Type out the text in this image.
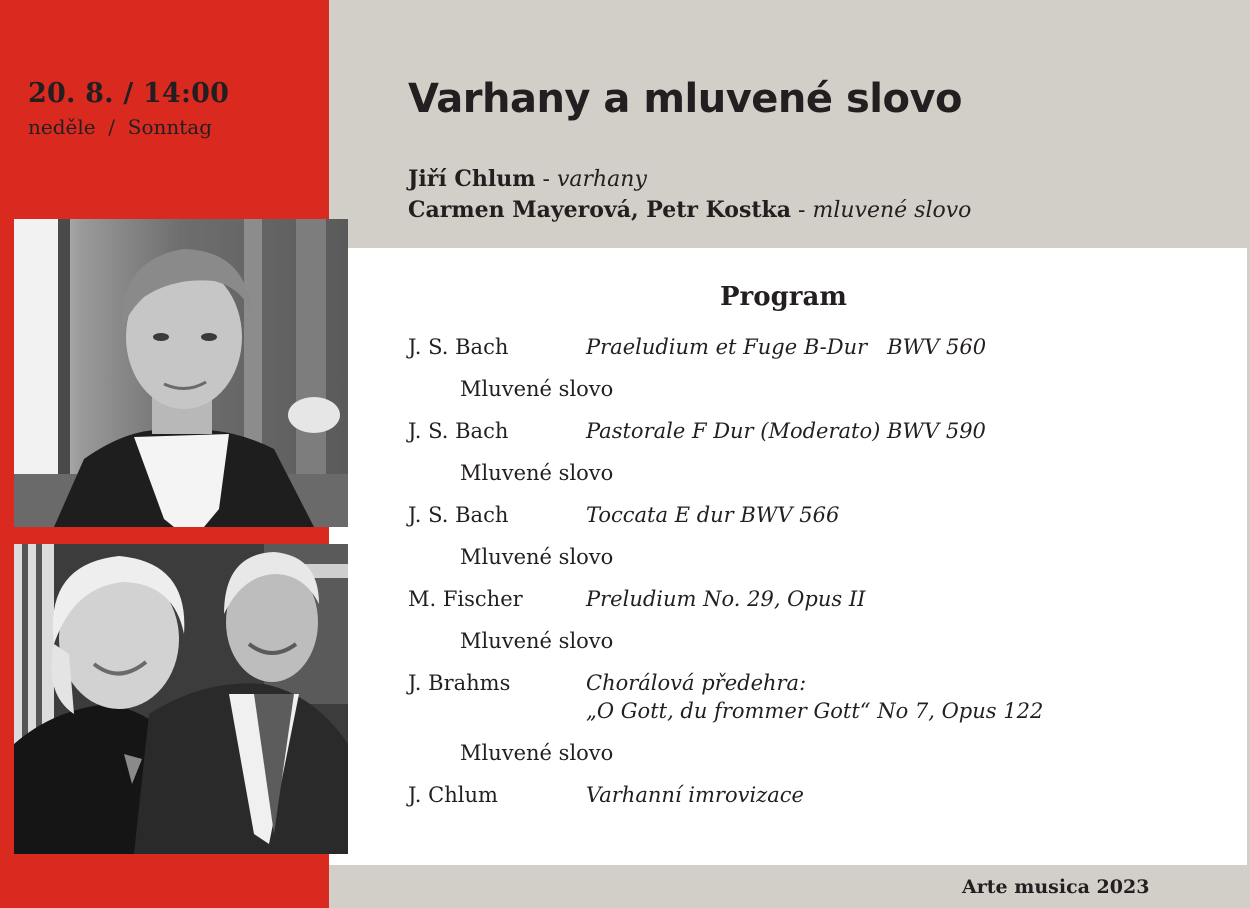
20. 8. / 14:00
neděle  /  Sonntag
Varhany a mluvené slovo
Jiří Chlum - varhany
Carmen Mayerová, Petr Kostka - mluvené slovo
Program
J. S. Bach	Praeludium et Fuge B-Dur   BWV 560
Mluvené slovo
J. S. Bach	Pastorale F Dur (Moderato) BWV 590
Mluvené slovo
J. S. Bach	Toccata E dur BWV 566
Mluvené slovo
M. Fischer	Preludium No. 29, Opus II
Mluvené slovo
J. Brahms	Chorálová předehra:
„O Gott, du frommer Gott“ No 7, Opus 122
Mluvené slovo
J. Chlum	Varhanní imrovizace
Arte musica 2023
